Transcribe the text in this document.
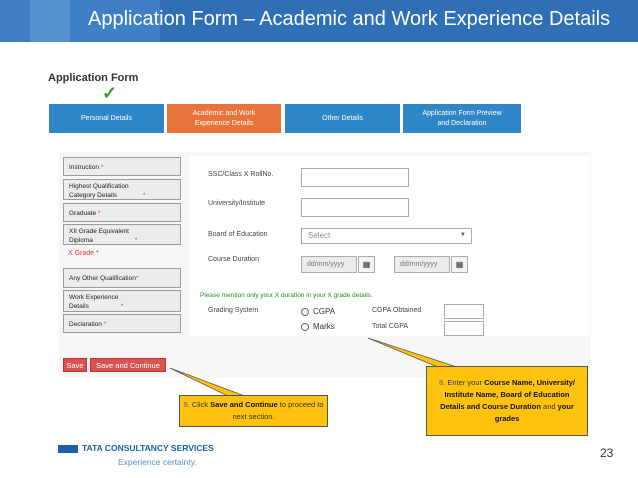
Application Form – Academic and Work Experience Details
Application Form
✓
Personal Details
Academic and Work Experience Details
Other Details
Application Form Preview and Declaration
Instruction *
Highest Qualification Category Details	*
Graduate *
XII Grade Equivalent Diploma	*
X Grade *
Any Other Qualification*
Work Experience Details	*
Declaration *
SSC/Class X RollNo.
University/Institute
Board of Education	Select	▼
Course Duration
dd/mm/yyyy	▦	dd/mm/yyyy	▦
Please mention only your X duration in your X grade details.
Grading System	CGPA
Marks
CGPA Obtained
Total CGPA
Save	Save and Continue
9. Click Save and Continue to proceed to next section.
8. Enter your Course Name, University/ Institute Name, Board of Education Details and Course Duration and your grades
TATA CONSULTANCY SERVICES
Experience certainty.
23
